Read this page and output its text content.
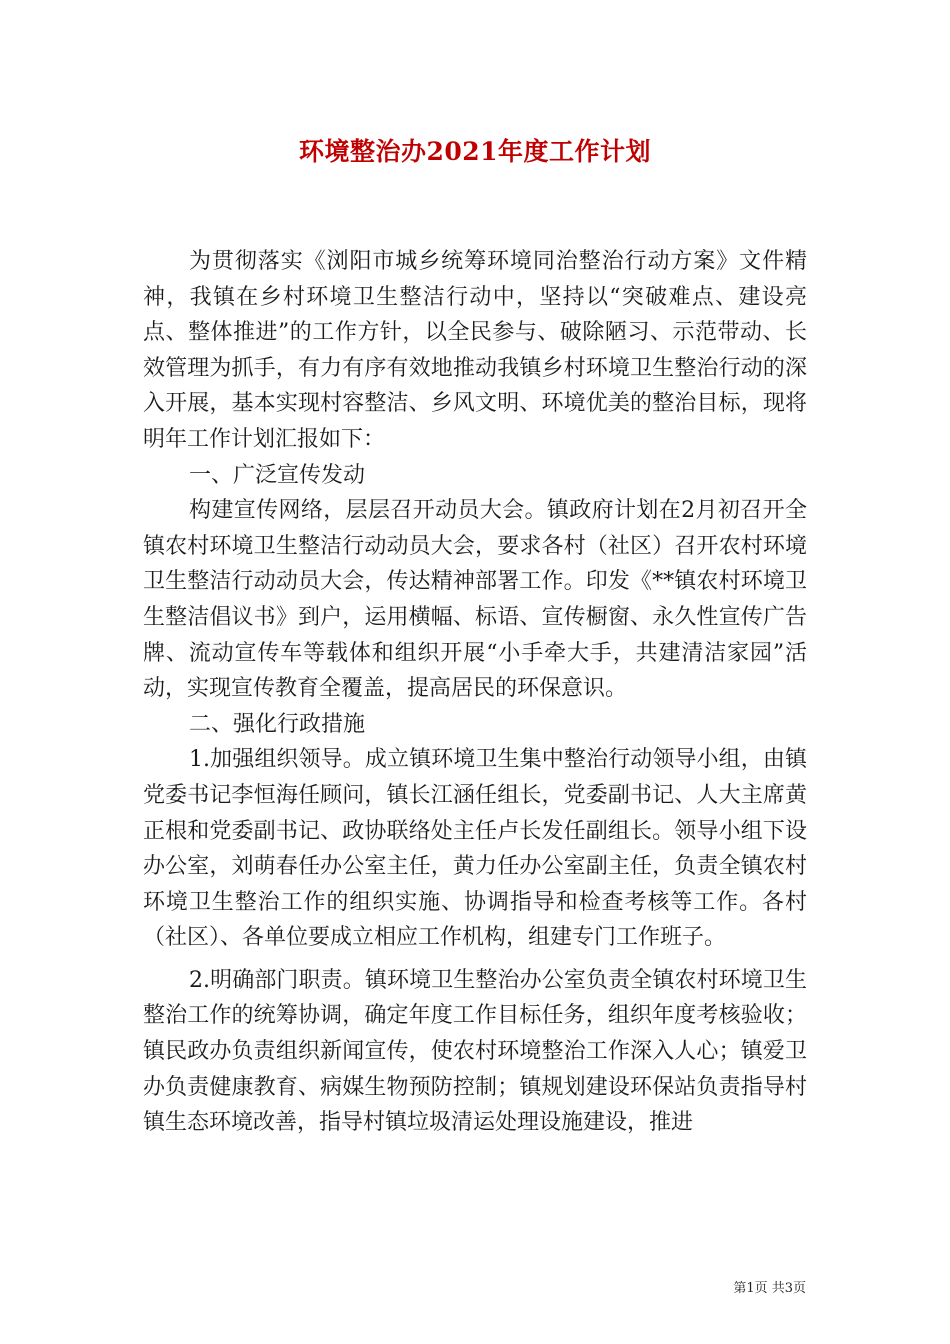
环境整治办2021年度工作计划

为贯彻落实《浏阳市城乡统筹环境同治整治行动方案》文件精神，我镇在乡村环境卫生整洁行动中，坚持以“突破难点、建设亮点、整体推进”的工作方针，以全民参与、破除陋习、示范带动、长效管理为抓手，有力有序有效地推动我镇乡村环境卫生整治行动的深入开展，基本实现村容整洁、乡风文明、环境优美的整治目标，现将明年工作计划汇报如下：

一、广泛宣传发动

构建宣传网络，层层召开动员大会。镇政府计划在2月初召开全镇农村环境卫生整洁行动动员大会，要求各村（社区）召开农村环境卫生整洁行动动员大会，传达精神部署工作。印发《**镇农村环境卫生整洁倡议书》到户，运用横幅、标语、宣传橱窗、永久性宣传广告牌、流动宣传车等载体和组织开展“小手牵大手，共建清洁家园”活动，实现宣传教育全覆盖，提高居民的环保意识。

二、强化行政措施

1.加强组织领导。成立镇环境卫生集中整治行动领导小组，由镇党委书记李恒海任顾问，镇长江涵任组长，党委副书记、人大主席黄正根和党委副书记、政协联络处主任卢长发任副组长。领导小组下设办公室，刘萌春任办公室主任，黄力任办公室副主任，负责全镇农村环境卫生整治工作的组织实施、协调指导和检查考核等工作。各村（社区）、各单位要成立相应工作机构，组建专门工作班子。

2.明确部门职责。镇环境卫生整治办公室负责全镇农村环境卫生整治工作的统筹协调，确定年度工作目标任务，组织年度考核验收；镇民政办负责组织新闻宣传，使农村环境整治工作深入人心；镇爱卫办负责健康教育、病媒生物预防控制；镇规划建设环保站负责指导村镇生态环境改善，指导村镇垃圾清运处理设施建设，推进

第1页 共3页
